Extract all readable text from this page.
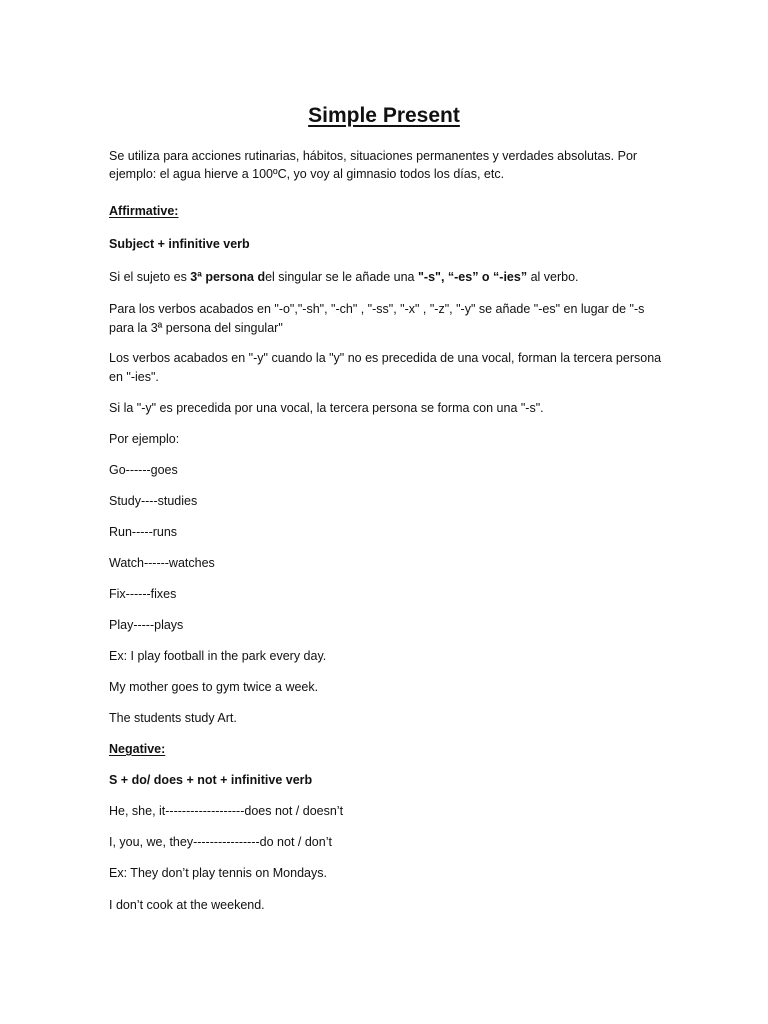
Simple Present
Se utiliza para acciones rutinarias, hábitos, situaciones permanentes y verdades absolutas. Por ejemplo: el agua hierve a 100ºC, yo voy al gimnasio todos los días, etc.
Affirmative:
Subject + infinitive verb
Si el sujeto es 3ª persona del singular se le añade una "-s", “-es” o “-ies” al verbo.
Para los verbos acabados en "-o","-sh", "-ch" , "-ss", "-x" , "-z", "-y" se añade "-es" en lugar de "-s para la 3ª persona del singular"
Los verbos acabados en "-y" cuando la "y" no es precedida de una vocal, forman la tercera persona en "-ies".
Si la "-y" es precedida por una vocal, la tercera persona se forma con una "-s".
Por ejemplo:
Go------goes
Study----studies
Run-----runs
Watch------watches
Fix------fixes
Play-----plays
Ex: I play football in the park every day.
My mother goes to gym twice a week.
The students study Art.
Negative:
S + do/ does + not + infinitive verb
He, she, it-------------------does not / doesn’t
I, you, we, they----------------do not / don’t
Ex: They don’t play tennis on Mondays.
I don’t cook at the weekend.
